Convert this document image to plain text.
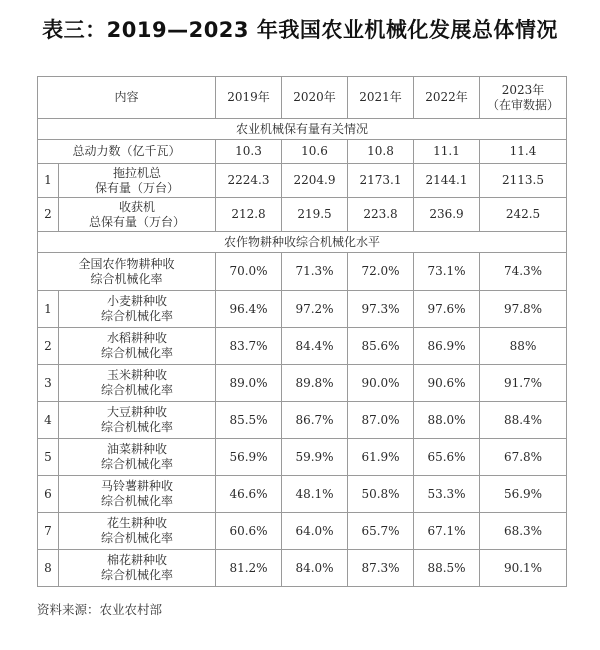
表三：2019—2023 年我国农业机械化发展总体情况
内容		2019年	2020年	2021年	2022年	2023年
（在审数据）

农业机械保有量有关情况						

总动力数（亿千瓦）		10.3	10.6	10.8	11.1	11.4
1	拖拉机总
保有量（万台）	2224.3	2204.9	2173.1	2144.1	2113.5
2	收获机
总保有量（万台）	212.8	219.5	223.8	236.9	242.5
农作物耕种收综合机械化水平						

全国农作物耕种收
综合机械化率		70.0%	71.3%	72.0%	73.1%	74.3%
1	小麦耕种收
综合机械化率	96.4%	97.2%	97.3%	97.6%	97.8%
2	水稻耕种收
综合机械化率	83.7%	84.4%	85.6%	86.9%	88%
3	玉米耕种收
综合机械化率	89.0%	89.8%	90.0%	90.6%	91.7%
4	大豆耕种收
综合机械化率	85.5%	86.7%	87.0%	88.0%	88.4%
5	油菜耕种收
综合机械化率	56.9%	59.9%	61.9%	65.6%	67.8%
6	马铃薯耕种收
综合机械化率	46.6%	48.1%	50.8%	53.3%	56.9%
7	花生耕种收
综合机械化率	60.6%	64.0%	65.7%	67.1%	68.3%
8	棉花耕种收
综合机械化率	81.2%	84.0%	87.3%	88.5%	90.1%
资料来源：农业农村部
